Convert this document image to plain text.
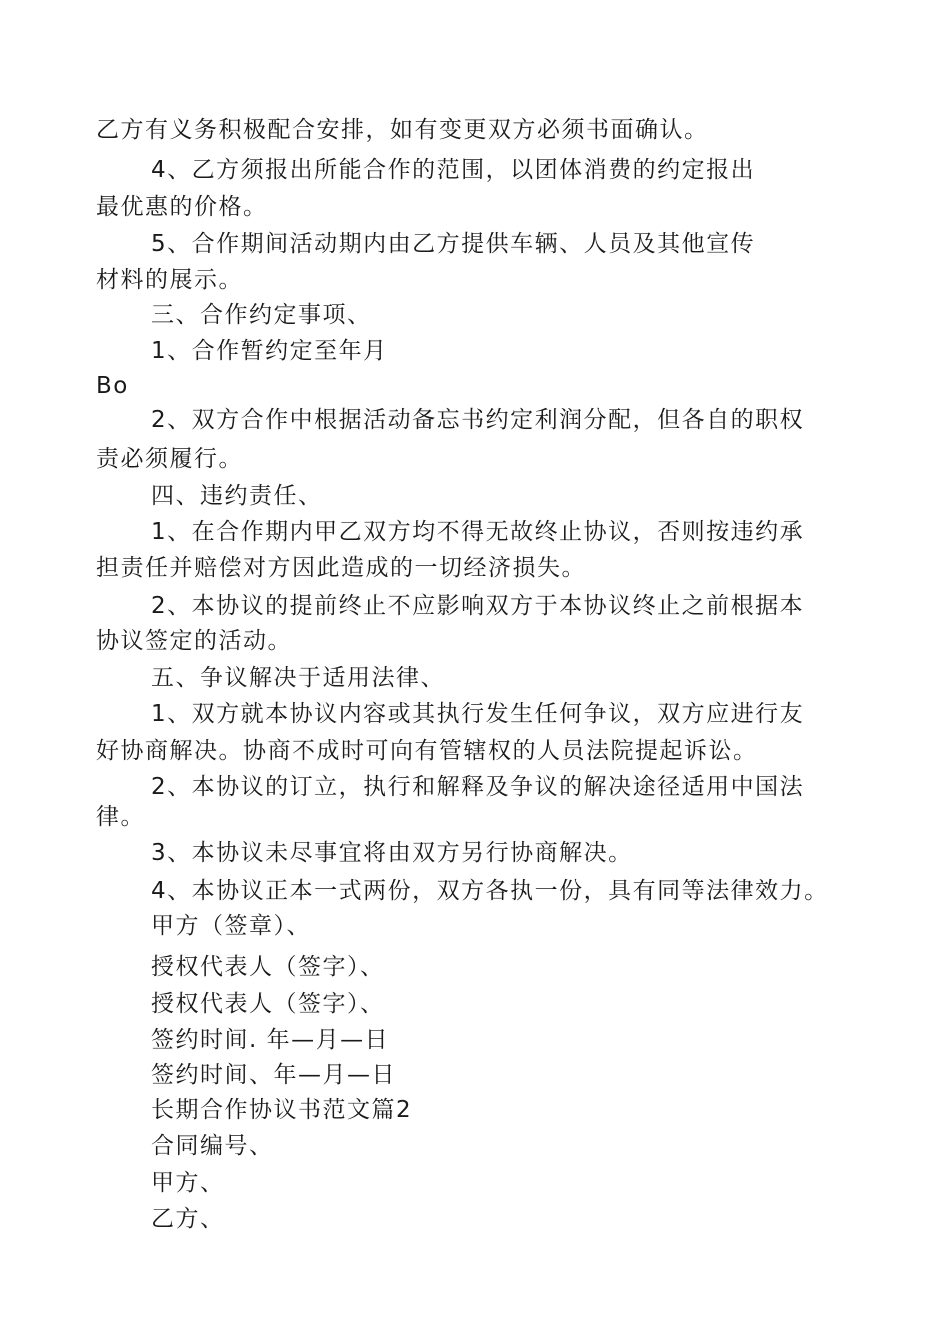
乙方有义务积极配合安排，如有变更双方必须书面确认。
4、乙方须报出所能合作的范围，以团体消费的约定报出
最优惠的价格。
5、合作期间活动期内由乙方提供车辆、人员及其他宣传
材料的展示。
三、合作约定事项、
1、合作暂约定至年月
Bo
2、双方合作中根据活动备忘书约定利润分配，但各自的职权
责必须履行。
四、违约责任、
1、在合作期内甲乙双方均不得无故终止协议，否则按违约承
担责任并赔偿对方因此造成的一切经济损失。
2、本协议的提前终止不应影响双方于本协议终止之前根据本
协议签定的活动。
五、争议解决于适用法律、
1、双方就本协议内容或其执行发生任何争议，双方应进行友
好协商解决。协商不成时可向有管辖权的人员法院提起诉讼。
2、本协议的订立，执行和解释及争议的解决途径适用中国法
律。
3、本协议未尽事宜将由双方另行协商解决。
4、本协议正本一式两份，双方各执一份，具有同等法律效力。
甲方（签章）、
授权代表人（签字）、
授权代表人（签字）、
签约时间. 年—月—日
签约时间、年—月—日
长期合作协议书范文篇2
合同编号、
甲方、
乙方、
